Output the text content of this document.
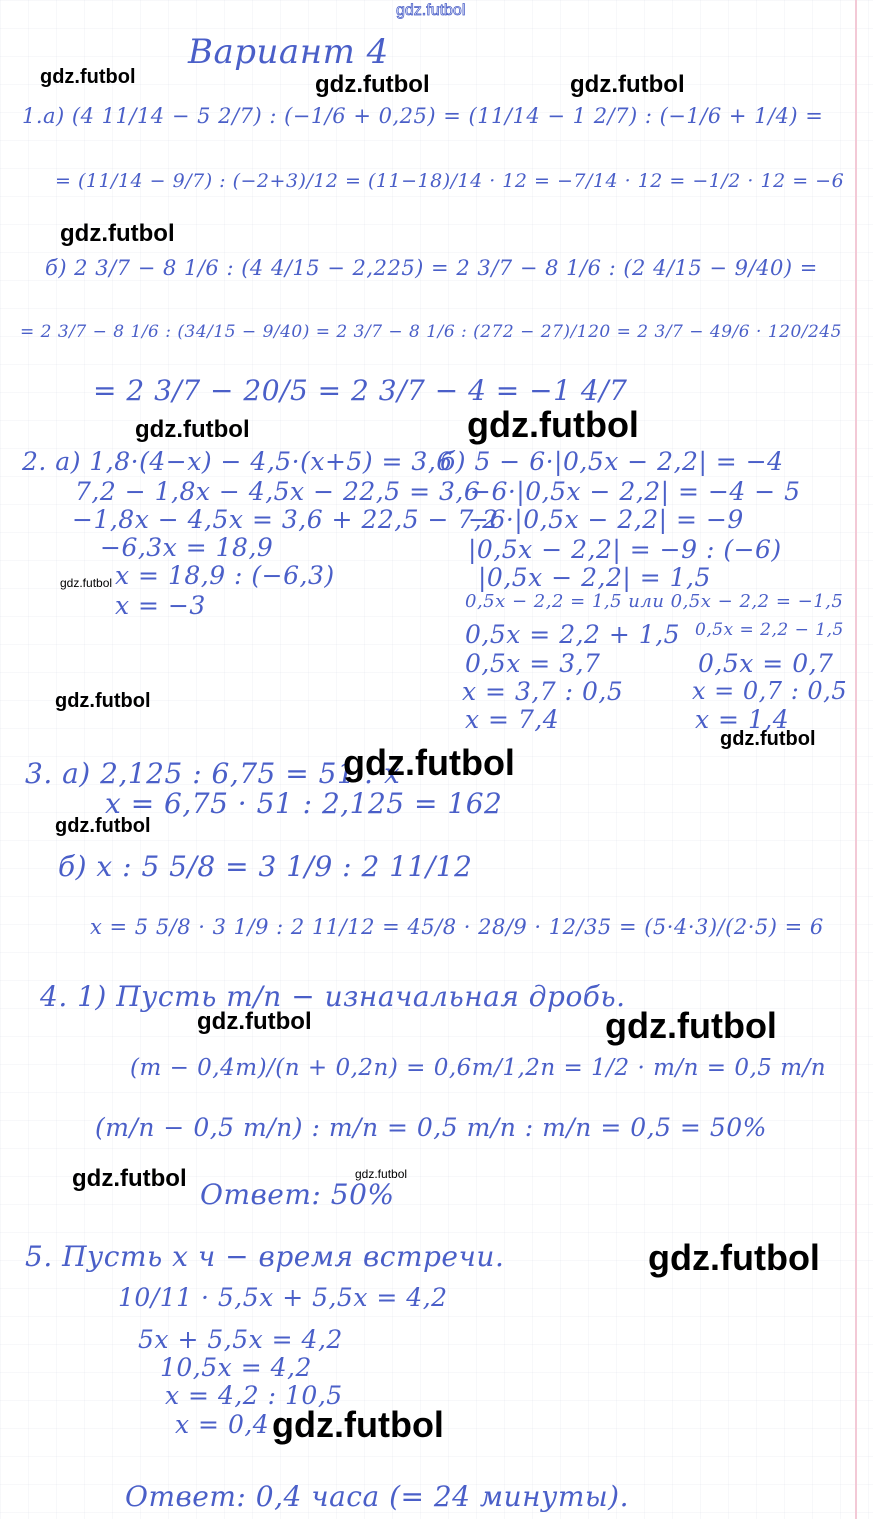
Вариант 4
1.а) (4 11/14 − 5 2/7) : (−1/6 + 0,25) = (11/14 − 1 2/7) : (−1/6 + 1/4) =
= (11/14 − 9/7) : (−2+3)/12 = (11−18)/14 · 12 = −7/14 · 12 = −1/2 · 12 = −6
б) 2 3/7 − 8 1/6 : (4 4/15 − 2,225) = 2 3/7 − 8 1/6 : (2 4/15 − 9/40) =
= 2 3/7 − 8 1/6 : (34/15 − 9/40) = 2 3/7 − 8 1/6 : (272 − 27)/120 = 2 3/7 − 49/6 · 120/245
= 2 3/7 − 20/5 = 2 3/7 − 4 = −1 4/7
2. а) 1,8·(4−x) − 4,5·(x+5) = 3,6
7,2 − 1,8x − 4,5x − 22,5 = 3,6
−1,8x − 4,5x = 3,6 + 22,5 − 7,2
−6,3x = 18,9
x = 18,9 : (−6,3)
x = −3
б) 5 − 6·|0,5x − 2,2| = −4
−6·|0,5x − 2,2| = −4 − 5
−6·|0,5x − 2,2| = −9
|0,5x − 2,2| = −9 : (−6)
|0,5x − 2,2| = 1,5
0,5x − 2,2 = 1,5 или 0,5x − 2,2 = −1,5
0,5x = 2,2 + 1,5
0,5x = 3,7
x = 3,7 : 0,5
x = 7,4
0,5x = 2,2 − 1,5
0,5x = 0,7
x = 0,7 : 0,5
x = 1,4
3. а) 2,125 : 6,75 = 51 : x
x = 6,75 · 51 : 2,125 = 162
б) x : 5 5/8 = 3 1/9 : 2 11/12
x = 5 5/8 · 3 1/9 : 2 11/12 = 45/8 · 28/9 · 12/35 = (5·4·3)/(2·5) = 6
4. 1) Пусть m/n − изначальная дробь.
(m − 0,4m)/(n + 0,2n) = 0,6m/1,2n = 1/2 · m/n = 0,5 m/n
(m/n − 0,5 m/n) : m/n = 0,5 m/n : m/n = 0,5 = 50%
Ответ: 50%
5. Пусть x ч − время встречи.
10/11 · 5,5x + 5,5x = 4,2
5x + 5,5x = 4,2
10,5x = 4,2
x = 4,2 : 10,5
x = 0,4
Ответ: 0,4 часа (= 24 минуты).
gdz.futbol
gdz.futbol	gdz.futbol	gdz.futbol
gdz.futbol
gdz.futbol	gdz.futbol
gdz.futbol
gdz.futbol
gdz.futbol
gdz.futbol
gdz.futbol
gdz.futbol	gdz.futbol
gdz.futbol	gdz.futbol
gdz.futbol
gdz.futbol
